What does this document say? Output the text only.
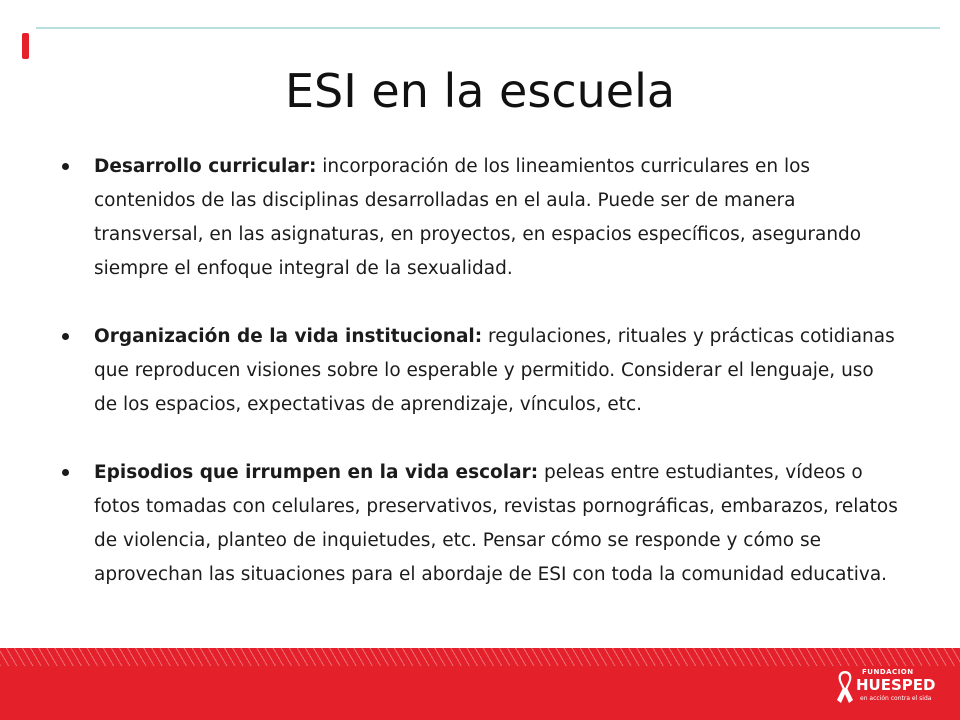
ESI en la escuela
Desarrollo curricular: incorporación de los lineamientos curriculares en los contenidos de las disciplinas desarrolladas en el aula. Puede ser de manera transversal, en las asignaturas, en proyectos, en espacios específicos, asegurando siempre el enfoque integral de la sexualidad.
Organización de la vida institucional: regulaciones, rituales y prácticas cotidianas que reproducen visiones sobre lo esperable y permitido. Considerar el lenguaje, uso de los espacios, expectativas de aprendizaje, vínculos, etc.
Episodios que irrumpen en la vida escolar: peleas entre estudiantes, vídeos o fotos tomadas con celulares, preservativos, revistas pornográficas, embarazos, relatos de violencia, planteo de inquietudes, etc. Pensar cómo se responde y cómo se aprovechan las situaciones para el abordaje de ESI con toda la comunidad educativa.
FUNDACION
HUESPED
en acción contra el sida
